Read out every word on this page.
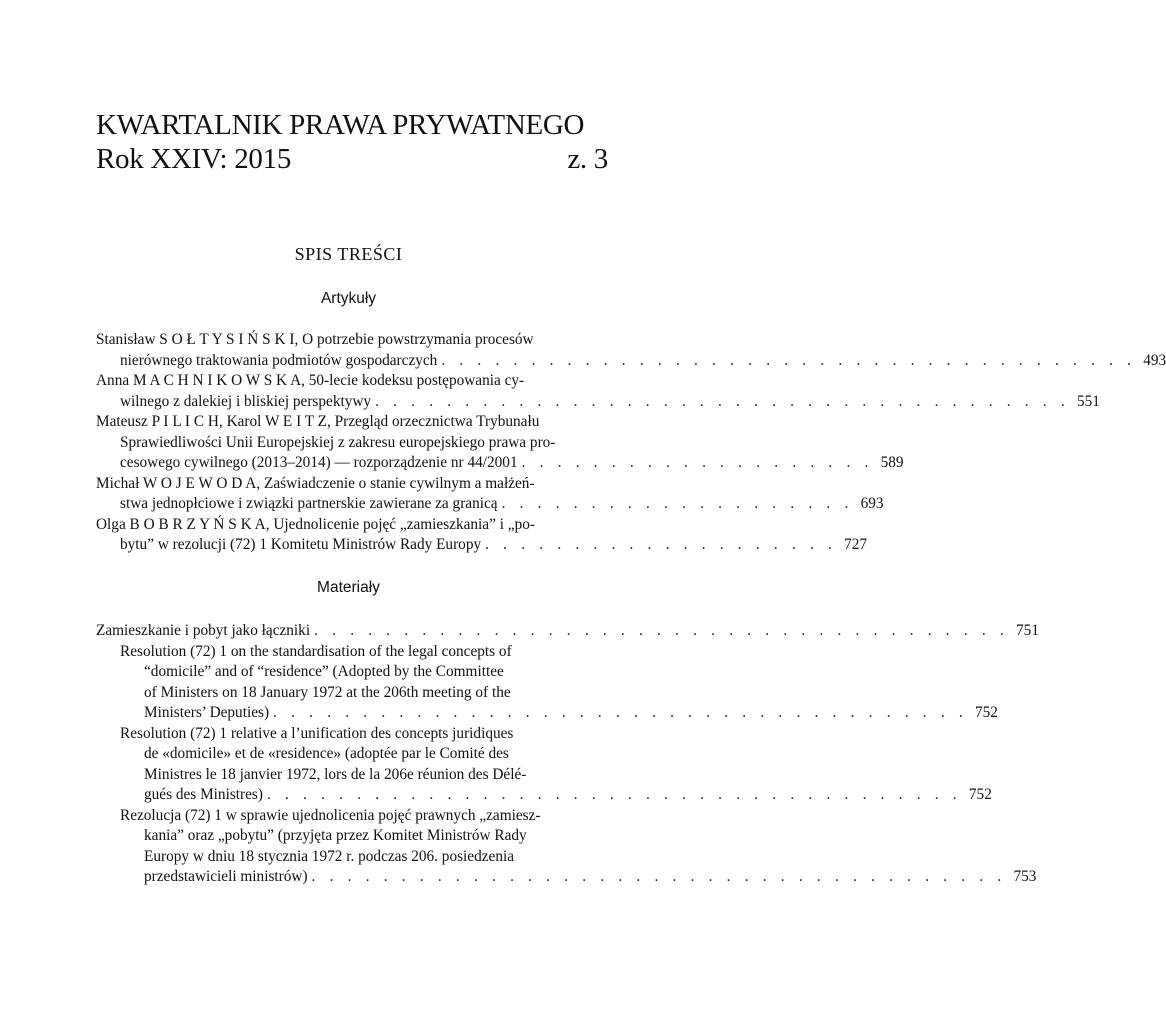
KWARTALNIK PRAWA PRYWATNEGO
Rok XXIV: 2015	z. 3
SPIS TREŚCI
Artykuły
Stanisław S O Ł T Y S I Ń S K I, O potrzebie powstrzymania procesów
nierównego traktowania podmiotów gospodarczych . . . . . . . . . . . . . . . . . . . . . . . . . . . . . . . . . . . . . . . 493
Anna M A C H N I K O W S K A, 50-lecie kodeksu postępowania cy-
wilnego z dalekiej i bliskiej perspektywy . . . . . . . . . . . . . . . . . . . . . . . . . . . . . . . . . . . . . . . 551
Mateusz P I L I C H, Karol W E I T Z, Przegląd orzecznictwa Trybunału
Sprawiedliwości Unii Europejskiej z zakresu europejskiego prawa pro-
cesowego cywilnego (2013–2014) — rozporządzenie nr 44/2001 . . . . . . . . . . . . . . . . . . . . 589
Michał W O J E W O D A, Zaświadczenie o stanie cywilnym a małżeń-
stwa jednopłciowe i związki partnerskie zawierane za granicą . . . . . . . . . . . . . . . . . . . . 693
Olga B O B R Z Y Ń S K A, Ujednolicenie pojęć „zamieszkania” i „po-
bytu” w rezolucji (72) 1 Komitetu Ministrów Rady Europy . . . . . . . . . . . . . . . . . . . . 727
Materiały
Zamieszkanie i pobyt jako łączniki . . . . . . . . . . . . . . . . . . . . . . . . . . . . . . . . . . . . . . . 751
Resolution (72) 1 on the standardisation of the legal concepts of
“domicile” and of “residence” (Adopted by the Committee
of Ministers on 18 January 1972 at the 206th meeting of the
Ministers’ Deputies) . . . . . . . . . . . . . . . . . . . . . . . . . . . . . . . . . . . . . . . 752
Resolution (72) 1 relative a l’unification des concepts juridiques
de «domicile» et de «residence» (adoptée par le Comité des
Ministres le 18 janvier 1972, lors de la 206e réunion des Délé-
gués des Ministres) . . . . . . . . . . . . . . . . . . . . . . . . . . . . . . . . . . . . . . . 752
Rezolucja (72) 1 w sprawie ujednolicenia pojęć prawnych „zamiesz-
kania” oraz „pobytu” (przyjęta przez Komitet Ministrów Rady
Europy w dniu 18 stycznia 1972 r. podczas 206. posiedzenia
przedstawicieli ministrów) . . . . . . . . . . . . . . . . . . . . . . . . . . . . . . . . . . . . . . . 753
